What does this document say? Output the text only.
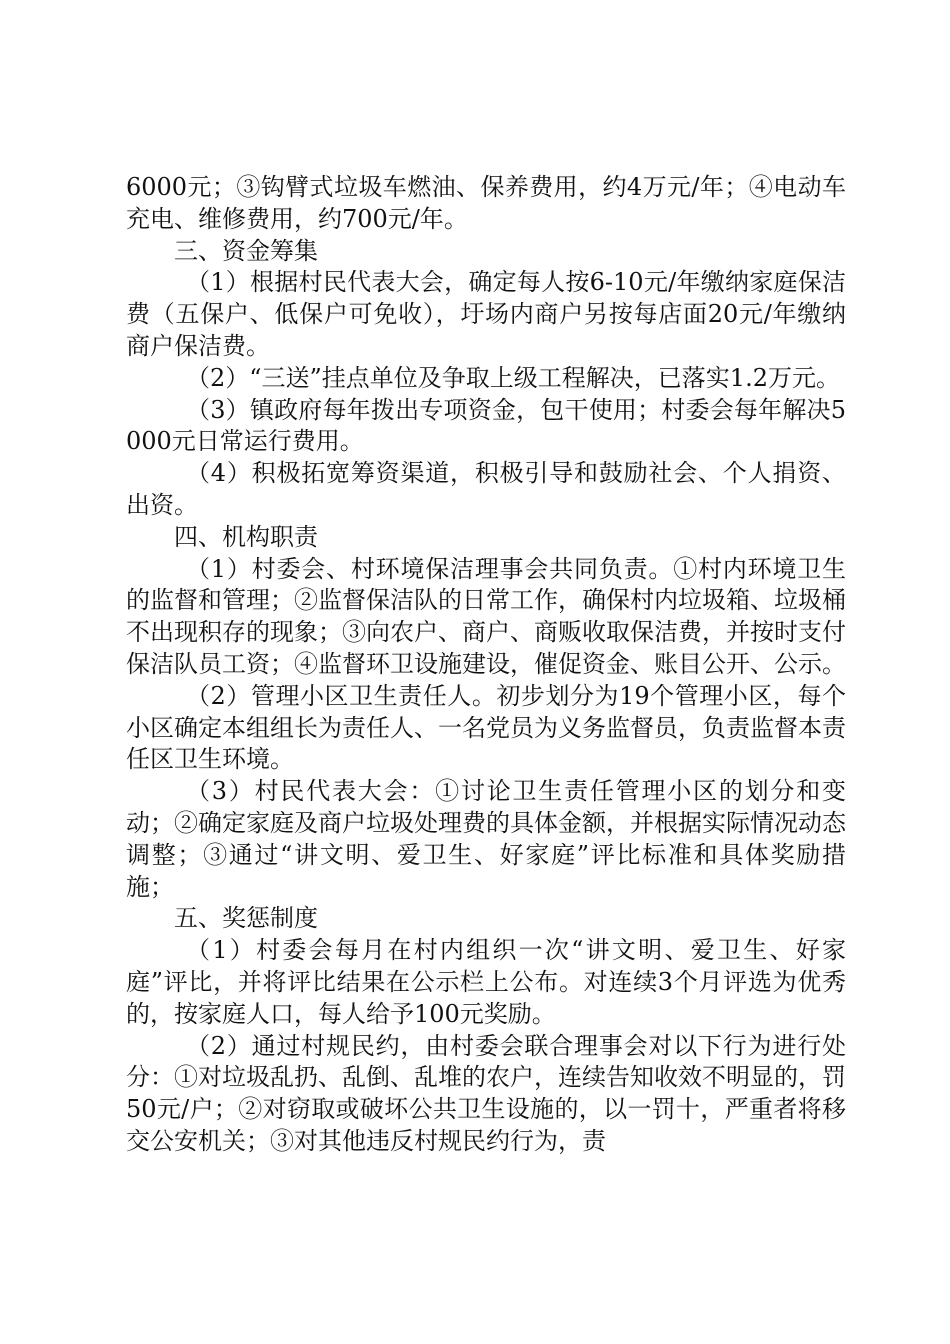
6000元；③钩臂式垃圾车燃油、保养费用，约4万元/年；④电动车充电、维修费用，约700元/年。

三、资金筹集

（1）根据村民代表大会，确定每人按6-10元/年缴纳家庭保洁费（五保户、低保户可免收），圩场内商户另按每店面20元/年缴纳商户保洁费。

（2）“三送”挂点单位及争取上级工程解决，已落实1.2万元。

（3）镇政府每年拨出专项资金，包干使用；村委会每年解决5000元日常运行费用。

（4）积极拓宽筹资渠道，积极引导和鼓励社会、个人捐资、出资。

四、机构职责

（1）村委会、村环境保洁理事会共同负责。①村内环境卫生的监督和管理；②监督保洁队的日常工作，确保村内垃圾箱、垃圾桶不出现积存的现象；③向农户、商户、商贩收取保洁费，并按时支付保洁队员工资；④监督环卫设施建设，催促资金、账目公开、公示。

（2）管理小区卫生责任人。初步划分为19个管理小区，每个小区确定本组组长为责任人、一名党员为义务监督员，负责监督本责任区卫生环境。

（3）村民代表大会：①讨论卫生责任管理小区的划分和变动；②确定家庭及商户垃圾处理费的具体金额，并根据实际情况动态调整；③通过“讲文明、爱卫生、好家庭”评比标准和具体奖励措施；

五、奖惩制度

（1）村委会每月在村内组织一次“讲文明、爱卫生、好家庭”评比，并将评比结果在公示栏上公布。对连续3个月评选为优秀的，按家庭人口，每人给予100元奖励。

（2）通过村规民约，由村委会联合理事会对以下行为进行处分：①对垃圾乱扔、乱倒、乱堆的农户，连续告知收效不明显的，罚50元/户；②对窃取或破坏公共卫生设施的，以一罚十，严重者将移交公安机关；③对其他违反村规民约行为，责
